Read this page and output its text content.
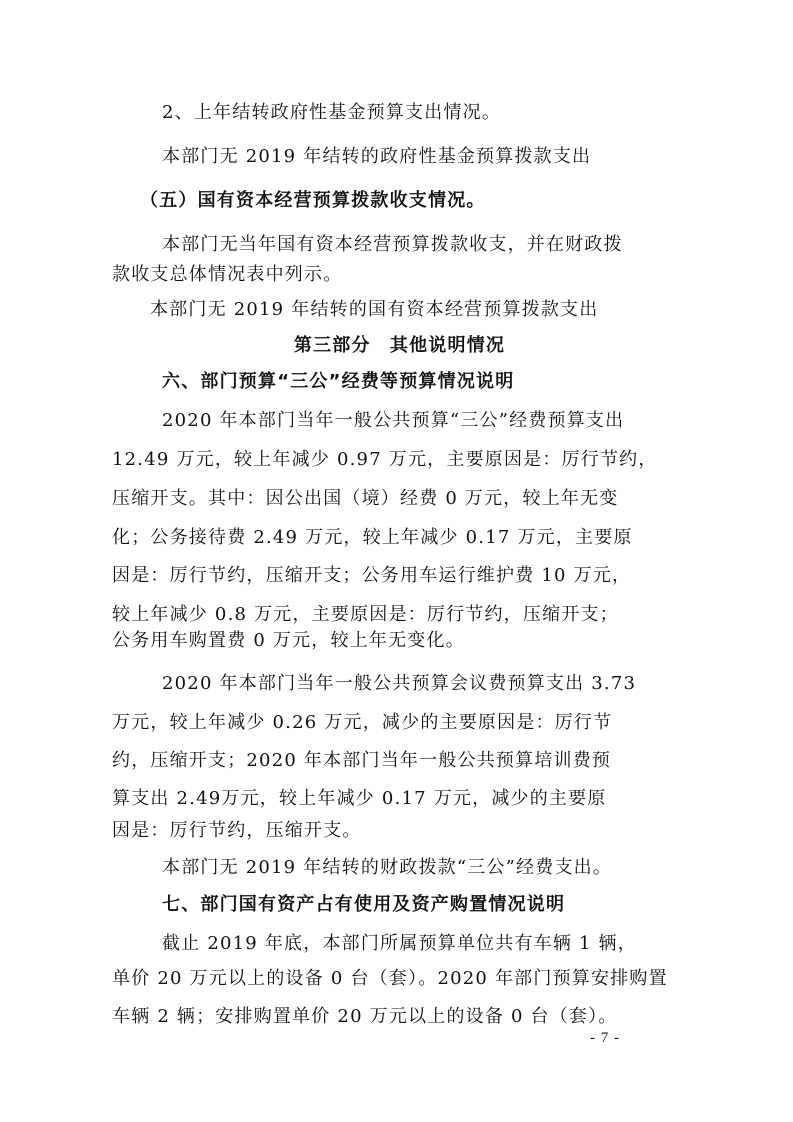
2、上年结转政府性基金预算支出情况。
本部门无 2019 年结转的政府性基金预算拨款支出
（五）国有资本经营预算拨款收支情况。
本部门无当年国有资本经营预算拨款收支，并在财政拨
款收支总体情况表中列示。
本部门无 2019 年结转的国有资本经营预算拨款支出
第三部分　其他说明情况
六、部门预算“三公”经费等预算情况说明
2020 年本部门当年一般公共预算“三公”经费预算支出
12.49 万元，较上年减少 0.97 万元，主要原因是：厉行节约，
压缩开支。其中：因公出国（境）经费 0 万元，较上年无变
化；公务接待费 2.49 万元，较上年减少 0.17 万元，主要原
因是：厉行节约，压缩开支；公务用车运行维护费 10 万元，
较上年减少 0.8 万元，主要原因是：厉行节约，压缩开支；
公务用车购置费 0 万元，较上年无变化。
2020 年本部门当年一般公共预算会议费预算支出 3.73
万元，较上年减少 0.26 万元，减少的主要原因是：厉行节
约，压缩开支；2020 年本部门当年一般公共预算培训费预
算支出 2.49万元，较上年减少 0.17 万元，减少的主要原
因是：厉行节约，压缩开支。
本部门无 2019 年结转的财政拨款“三公”经费支出。
七、部门国有资产占有使用及资产购置情况说明
截止 2019 年底，本部门所属预算单位共有车辆 1 辆，
单价 20 万元以上的设备 0 台（套）。2020 年部门预算安排购置
车辆 2 辆；安排购置单价 20 万元以上的设备 0 台（套）。
- 7 -
